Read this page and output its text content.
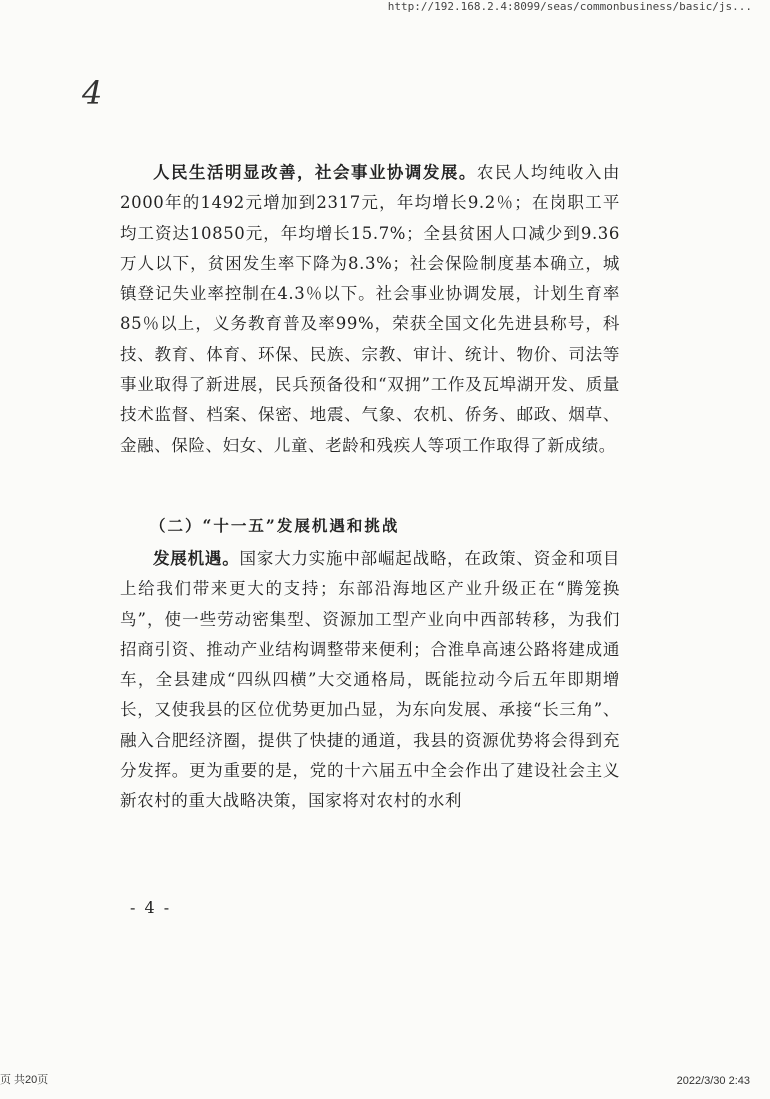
http://192.168.2.4:8099/seas/commonbusiness/basic/js...
4

人民生活明显改善，社会事业协调发展。农民人均纯收入由2000年的1492元增加到2317元，年均增长9.2％；在岗职工平均工资达10850元，年均增长15.7%；全县贫困人口减少到9.36万人以下，贫困发生率下降为8.3%；社会保险制度基本确立，城镇登记失业率控制在4.3％以下。社会事业协调发展，计划生育率85％以上，义务教育普及率99%，荣获全国文化先进县称号，科技、教育、体育、环保、民族、宗教、审计、统计、物价、司法等事业取得了新进展，民兵预备役和“双拥”工作及瓦埠湖开发、质量技术监督、档案、保密、地震、气象、农机、侨务、邮政、烟草、金融、保险、妇女、儿童、老龄和残疾人等项工作取得了新成绩。

（二）“十一五”发展机遇和挑战

发展机遇。国家大力实施中部崛起战略，在政策、资金和项目上给我们带来更大的支持；东部沿海地区产业升级正在“腾笼换鸟”，使一些劳动密集型、资源加工型产业向中西部转移，为我们招商引资、推动产业结构调整带来便利；合淮阜高速公路将建成通车，全县建成“四纵四横”大交通格局，既能拉动今后五年即期增长，又使我县的区位优势更加凸显，为东向发展、承接“长三角”、融入合肥经济圈，提供了快捷的通道，我县的资源优势将会得到充分发挥。更为重要的是，党的十六届五中全会作出了建设社会主义新农村的重大战略决策，国家将对农村的水利

- 4 -
页 共20页	2022/3/30 2:43
